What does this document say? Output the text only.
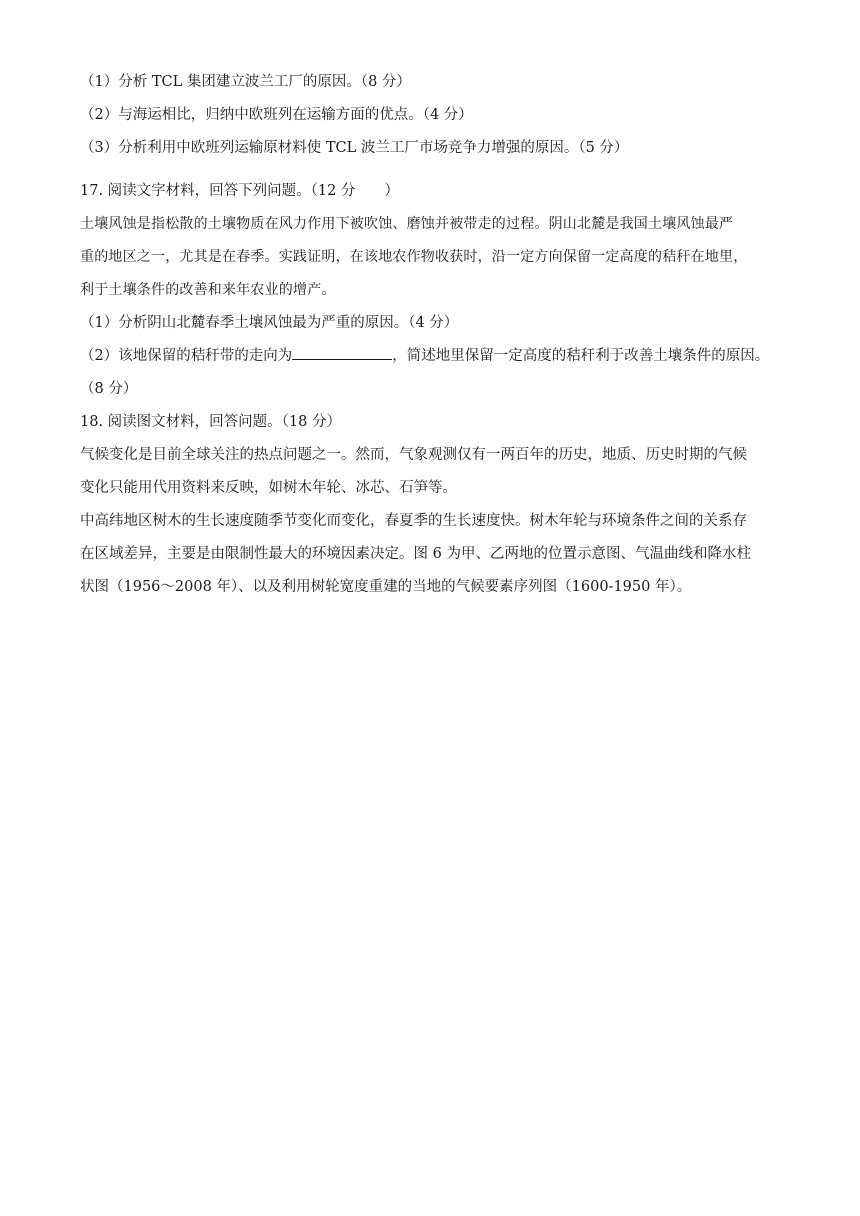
（1）分析 TCL 集团建立波兰工厂的原因。（8 分）
（2）与海运相比，归纳中欧班列在运输方面的优点。（4 分）
（3）分析利用中欧班列运输原材料使 TCL 波兰工厂市场竞争力增强的原因。（5 分）
17. 阅读文字材料，回答下列问题。（12 分　　）
土壤风蚀是指松散的土壤物质在风力作用下被吹蚀、磨蚀并被带走的过程。阴山北麓是我国土壤风蚀最严
重的地区之一，尤其是在春季。实践证明，在该地农作物收获时，沿一定方向保留一定高度的秸秆在地里，
利于土壤条件的改善和来年农业的增产。
（1）分析阴山北麓春季土壤风蚀最为严重的原因。（4 分）
（2）该地保留的秸秆带的走向为	，简述地里保留一定高度的秸秆利于改善土壤条件的原因。
（8 分）
18. 阅读图文材料，回答问题。（18 分）
气候变化是目前全球关注的热点问题之一。然而，气象观测仅有一两百年的历史，地质、历史时期的气候
变化只能用代用资料来反映，如树木年轮、冰芯、石笋等。
中高纬地区树木的生长速度随季节变化而变化，春夏季的生长速度快。树木年轮与环境条件之间的关系存
在区域差异，主要是由限制性最大的环境因素决定。图 6 为甲、乙两地的位置示意图、气温曲线和降水柱
状图（1956～2008 年）、以及利用树轮宽度重建的当地的气候要素序列图（1600-1950 年）。
